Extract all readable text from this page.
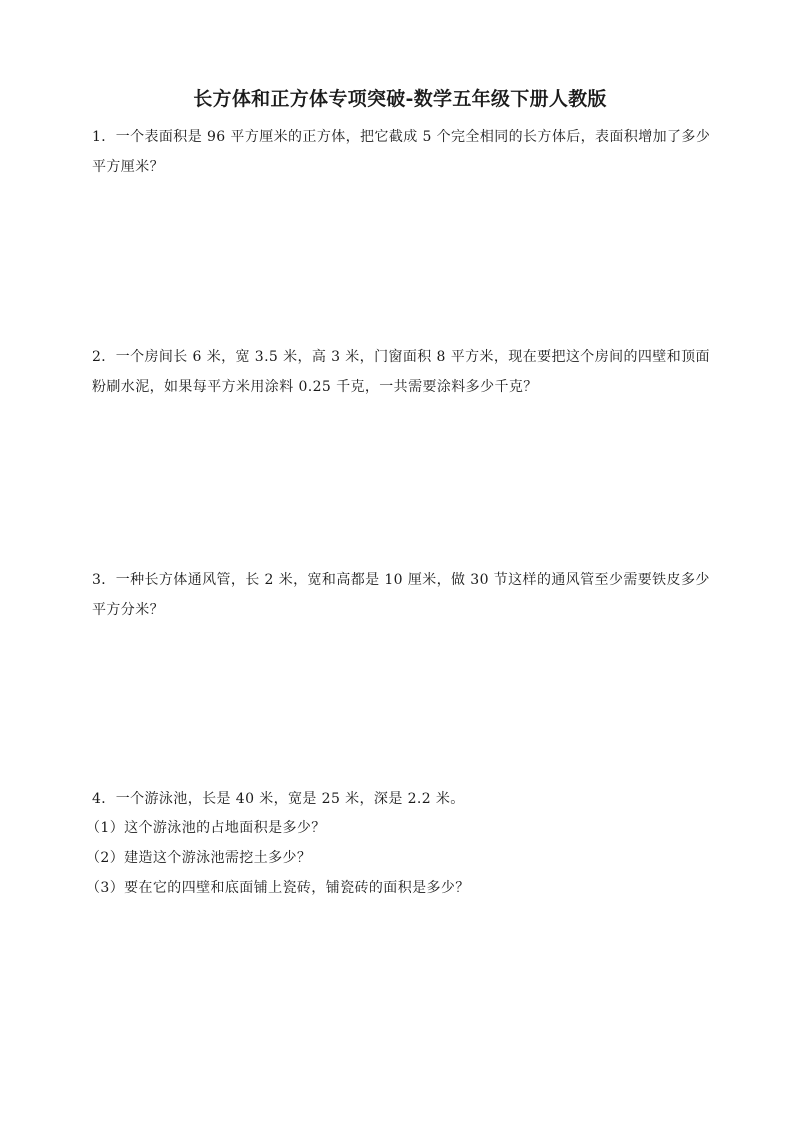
长方体和正方体专项突破-数学五年级下册人教版

1．一个表面积是 96 平方厘米的正方体，把它截成 5 个完全相同的长方体后，表面积增加了多少平方厘米？

2．一个房间长 6 米，宽 3.5 米，高 3 米，门窗面积 8 平方米，现在要把这个房间的四壁和顶面粉刷水泥，如果每平方米用涂料 0.25 千克，一共需要涂料多少千克？

3．一种长方体通风管，长 2 米，宽和高都是 10 厘米，做 30 节这样的通风管至少需要铁皮多少平方分米？

4．一个游泳池，长是 40 米，宽是 25 米，深是 2.2 米。

（1）这个游泳池的占地面积是多少？

（2）建造这个游泳池需挖土多少？

（3）要在它的四壁和底面铺上瓷砖，铺瓷砖的面积是多少？
